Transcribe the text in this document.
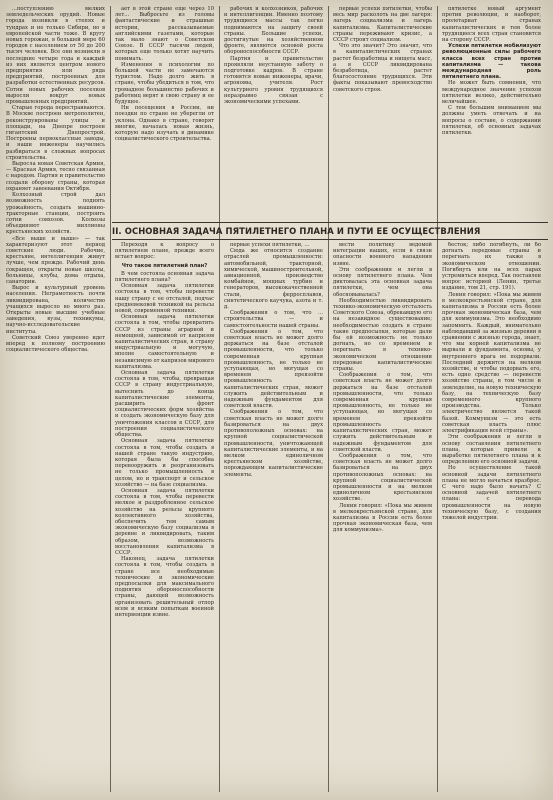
...поступлению мелких земледельческих орудий. Новые города возникли в степях и тундрах и не только Сибири, но в европейской части тоже. В кругу новых горожан, в большей мере 60 городов с населением от 50 до 200 тысяч человек. Все они возникли в последние четыре года и каждый из них является центром нового предприятия или ряда предприятий, построенных для разработки естественных ресурсов. Сотни новых рабочих поселков выросли вокруг новых промышленных предприятий.

Старые города перестраиваются. В Москве построен метрополитен, реконструированы улицы и площади, на Днепре построен гигантский Днепрострой. Построены первоклассные заводы, и наши инженеры научились разбираться в сложных вопросах строительства.

Выросла новая Советская Армия, — Красная Армия, тесно связанная с народом. Партия и правительство создали оборону страны, которая охраняет завоевания Октября.

Колхозный строй дал возможность поднять урожайность, создать машинно-тракторные станции, построить сотни совхозов. Колхозы объединяют миллионы крестьянских хозяйств.

«Все выше и выше» — так характеризуют этот период советские люди. Рабочие, крестьяне, интеллигенция живут лучше, чем прежде. Рабочий день сокращен, открыты новые школы, больницы, клубы, дома отдыха, санатории.

Вырос и культурный уровень населения. Неграмотность почти ликвидирована, количество учащихся выросло во много раз. Открыты новые высшие учебные заведения, вузы, техникумы, научно-исследовательские институты.

Советский Союз уверенно идет вперед к полному построению социалистического общества.

ает в этой стране еще через 10 лет... Выбросьте из головы фантастические и страшные истории, рассказываемые английскими газетами, которые так мало знают о Советском Союзе. В СССР тысячи людей, которых еще только хотят научить понимать.

Изменения в психологии по большей части не замечаются туристом. Надо долго жить в стране, чтобы убедиться в том, что громадное большинство рабочих и работниц верят в свою страну и ее будущее.

Ни посещения в России, ни поездки по стране не уберегли от уклона. Однако в стране, говорят многие, началась новая жизнь, которую надо изучать в динамике социалистического строительства.

рабочих и колхозников, рабочих и интеллигенции. Именно поэтому трудящиеся массы так легко поднимаются на защиту своей страны. Большие успехи, достигнутые на хозяйственном фронте, являются основой роста обороноспособности СССР.

Партия и правительство проявляли неустанную заботу о подготовке кадров. В стране готовятся новые инженеры, врачи, агрономы, учителя. Рост культурного уровня трудящихся неразрывно связан с экономическими успехами.

первые успехи пятилетки, чтобы весь мир расколоть на две лагеря: лагерь социализма и лагерь капитализма. Капиталистические страны переживают кризис, а СССР строит социализм.

Что это значит? Это значит, что в капиталистических странах растет безработица и нищета масс, а в СССР ликвидирована безработица, растет благосостояние трудящихся. Эти факты показывают превосходство советского строя.

пятилетке новый аргумент против революции, и наоборот, пролетариат странах капиталистических и тем более трудящиеся всех стран становится на сторону СССР.

Успехи пятилетки мобилизуют революционные силы рабочего класса всех стран против капитализма — такова международная роль пятилетнего плана.

Не может быть сомнения, что международное значение успехов пятилетки велико, действительно величайшее.

С тем большим вниманием мы должны уметь отвечать и на вопросы о составе, о содержании пятилетки, об основных задачах пятилетки.

II. ОСНОВНАЯ ЗАДАЧА ПЯТИЛЕТНЕГО ПЛАНА И ПУТИ ЕЕ ОСУЩЕСТВЛЕНИЯ

Переходя к вопросу о пятилетнем плане, прежде всего встает вопрос:

Что такое пятилетний план?

В чем состояла основная задача пятилетнего плана?

Основная задача пятилетки состояла в том, чтобы перевести нашу страну с ее отсталой, подчас средневековой техникой на рельсы новой, современной техники.

Основная задача пятилетки состояла в том, чтобы превратить СССР из страны аграрной и немощной, зависимой от капризов капиталистических стран, в страну индустриальную и могучую, вполне самостоятельную и независимую от капризов мирового капитализма.

Основная задача пятилетки состояла в том, чтобы, превращая СССР в страну индустриальную, вытеснить до конца капиталистические элементы, расширить фронт социалистических форм хозяйства и создать экономическую базу для уничтожения классов в СССР, для построения социалистического общества.

Основная задача пятилетки состояла в том, чтобы создать в нашей стране такую индустрию, которая была бы способна перевооружить и реорганизовать не только промышленность в целом, но и транспорт и сельское хозяйство — на базе социализма.

Основная задача пятилетки состояла в том, чтобы перевести мелкое и раздробленное сельское хозяйство на рельсы крупного коллективного хозяйства, обеспечить тем самым экономическую базу социализма в деревне и ликвидировать, таким образом, возможность восстановления капитализма в СССР.

Наконец, задача пятилетки состояла в том, чтобы создать в стране все необходимые технические и экономические предпосылки для максимального поднятия обороноспособности страны, дающей возможность организовать решительный отпор всем и всяким попыткам военной интервенции извне.

первые успехи пятилетки, ...

Сюда же относится создание отраслей промышленности: автомобильной, тракторной, химической, машиностроительной, авиационной, производство комбайнов, мощных турбин и генераторов, высококачественной стали, ферросплавов, синтетического каучука, азота и т. д.

Соображения о том, что ... строительства — и самостоятельности нашей страны.

Соображения о том, что советская власть не может долго держаться на базе отсталой промышленности, что только современная крупная промышленность, не только не уступающая, но могущая со временем превзойти промышленность капиталистических стран, может служить действительным и надежным фундаментом для советской власти.

Соображения о том, что советская власть не может долго базироваться на двух противоположных основах: на крупной социалистической промышленности, уничтожающей капиталистические элементы, и на мелком единоличном крестьянском хозяйстве, порождающем капиталистические элементы.

вести политику ведомой интеграции наших, если в связи опасности военного нападения извне.

Эти соображения и легли в основу пятилетнего плана. Чем диктовалась эта основная задача пятилетки, чем она обосновывалась?

Необходимостью ликвидировать технико-экономическую отсталость Советского Союза, обрекавшую его на незавидное существование; необходимостью создать в стране такие предпосылки, которые дали бы ей возможность не только догнать, но со временем и перегнать в технико-экономическом отношении передовые капиталистические страны.

Соображения о том, что советская власть не может долго держаться на базе отсталой промышленности, что только современная крупная промышленность, не только не уступающая, но могущая со временем превзойти промышленность капиталистических стран, может служить действительным и надежным фундаментом для советской власти.

Соображения о том, что советская власть не может долго базироваться на двух противоположных основах: на крупной социалистической промышленности и на мелком единоличном крестьянском хозяйстве.

Ленин говорил: «Пока мы живем в мелкокрестьянской стране, для капитализма в России есть более прочная экономическая база, чем для коммунизма».

бесток; либо погибнуть, ли бо догнать передовые страны и перегнать их также в экономическом отношении. Погибнуть или на всех парах устремиться вперед. Так поставлен вопрос историей (Ленин, третье издание, том 21, стр. 191).

Ленин говорил: «Пока мы живем в мелкокрестьянской стране, для капитализма в России есть более прочная экономическая база, чем для коммунизма. Это необходимо запомнить. Каждый, внимательно наблюдавший за жизнью деревни в сравнении с жизнью города, знает, что мы корней капитализма не вырвали и фундамента, основы, у внутреннего врага не подорвали. Последний держится на мелком хозяйстве, и чтобы подорвать его, есть одно средство — перевести хозяйство страны, в том числе и земледелие, на новую техническую базу, на техническую базу современного крупного производства. Только электричество является такой базой. Коммунизм — это есть советская власть плюс электрификация всей страны».

Эти соображения и легли в основу составления пятилетнего плана, которые привели к выработке пятилетнего плана и к определению его основной задачи.

Но осуществление такой основной задачи пятилетнего плана не могло начаться вразброс. С чего надо было начать? С основной задачей пятилетнего плана: с перевода промышленности на новую техническую базу, с создания тяжелой индустрии.
